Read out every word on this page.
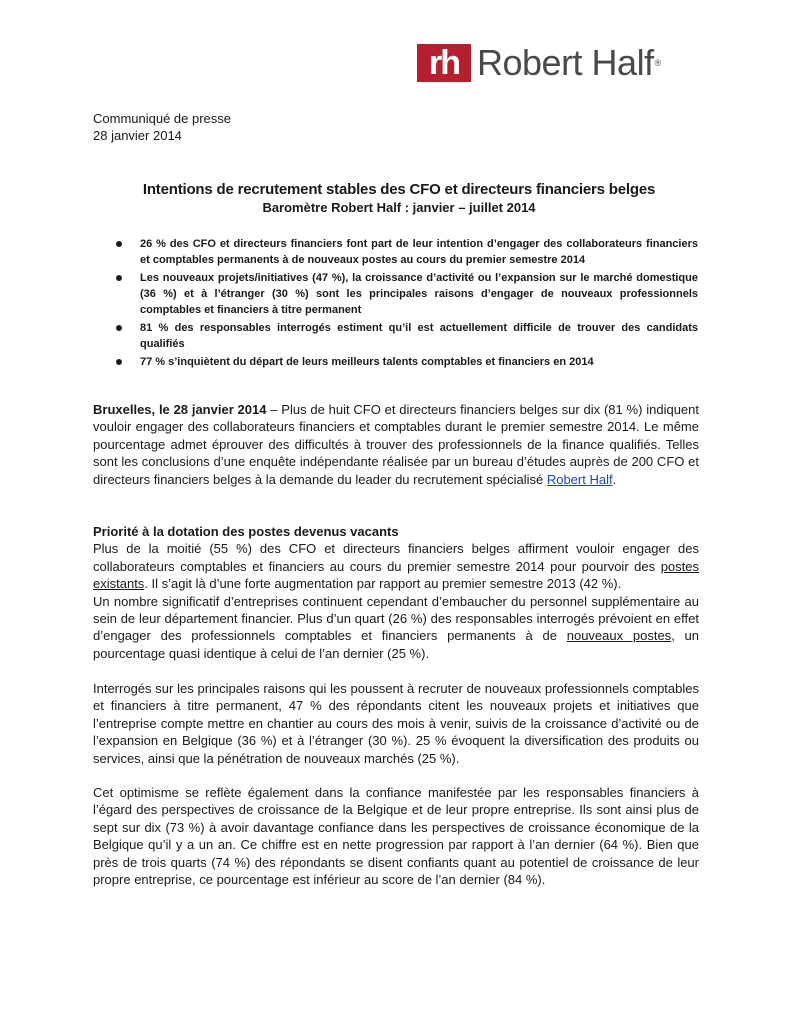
rh Robert Half ®
Communiqué de presse
28 janvier 2014
Intentions de recrutement stables des CFO et directeurs financiers belges
Baromètre Robert Half : janvier – juillet 2014
26 % des CFO et directeurs financiers font part de leur intention d’engager des collaborateurs financiers et comptables permanents à de nouveaux postes au cours du premier semestre 2014
Les nouveaux projets/initiatives (47 %), la croissance d’activité ou l’expansion sur le marché domestique (36 %) et à l’étranger (30 %) sont les principales raisons d’engager de nouveaux professionnels comptables et financiers à titre permanent
81 % des responsables interrogés estiment qu’il est actuellement difficile de trouver des candidats qualifiés
77 % s’inquiètent du départ de leurs meilleurs talents comptables et financiers en 2014

Bruxelles, le 28 janvier 2014 – Plus de huit CFO et directeurs financiers belges sur dix (81 %) indiquent vouloir engager des collaborateurs financiers et comptables durant le premier semestre 2014. Le même pourcentage admet éprouver des difficultés à trouver des professionnels de la finance qualifiés. Telles sont les conclusions d’une enquête indépendante réalisée par un bureau d’études auprès de 200 CFO et directeurs financiers belges à la demande du leader du recrutement spécialisé Robert Half.

Priorité à la dotation des postes devenus vacants

Plus de la moitié (55 %) des CFO et directeurs financiers belges affirment vouloir engager des collaborateurs comptables et financiers au cours du premier semestre 2014 pour pourvoir des postes existants. Il s’agit là d’une forte augmentation par rapport au premier semestre 2013 (42 %).

Un nombre significatif d’entreprises continuent cependant d’embaucher du personnel supplémentaire au sein de leur département financier. Plus d’un quart (26 %) des responsables interrogés prévoient en effet d’engager des professionnels comptables et financiers permanents à de nouveaux postes, un pourcentage quasi identique à celui de l’an dernier (25 %).

Interrogés sur les principales raisons qui les poussent à recruter de nouveaux professionnels comptables et financiers à titre permanent, 47 % des répondants citent les nouveaux projets et initiatives que l’entreprise compte mettre en chantier au cours des mois à venir, suivis de la croissance d’activité ou de l’expansion en Belgique (36 %) et à l’étranger (30 %). 25 % évoquent la diversification des produits ou services, ainsi que la pénétration de nouveaux marchés (25 %).

Cet optimisme se reflète également dans la confiance manifestée par les responsables financiers à l’égard des perspectives de croissance de la Belgique et de leur propre entreprise. Ils sont ainsi plus de sept sur dix (73 %) à avoir davantage confiance dans les perspectives de croissance économique de la Belgique qu’il y a un an. Ce chiffre est en nette progression par rapport à l’an dernier (64 %). Bien que près de trois quarts (74 %) des répondants se disent confiants quant au potentiel de croissance de leur propre entreprise, ce pourcentage est inférieur au score de l’an dernier (84 %).
